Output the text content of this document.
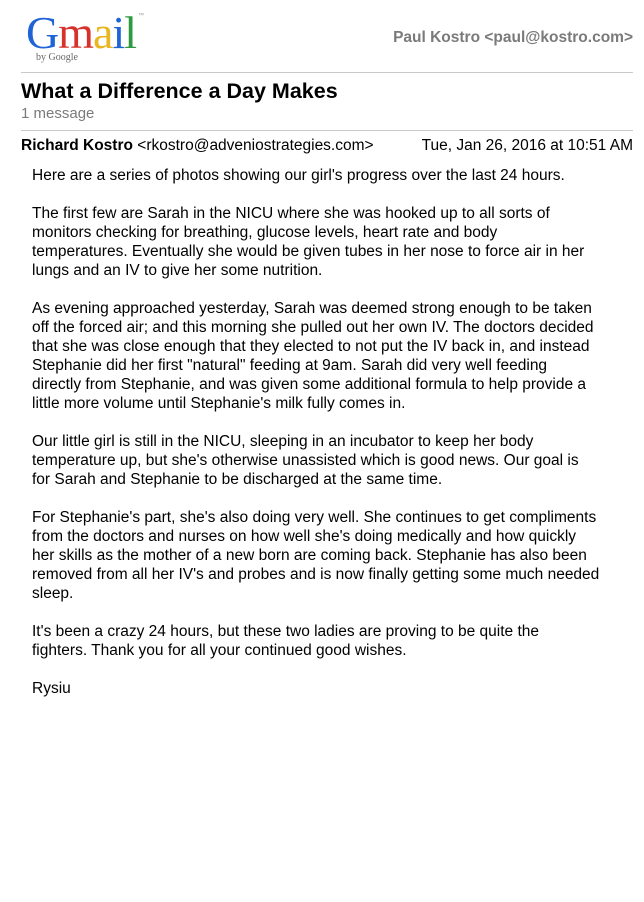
Gmail ™
by Google
Paul Kostro <paul@kostro.com>
What a Difference a Day Makes
1 message
Richard Kostro <rkostro@adveniostrategies.com>	Tue, Jan 26, 2016 at 10:51 AM

Here are a series of photos showing our girl's progress over the last 24 hours.

The first few are Sarah in the NICU where she was hooked up to all sorts of
monitors checking for breathing, glucose levels, heart rate and body
temperatures. Eventually she would be given tubes in her nose to force air in her
lungs and an IV to give her some nutrition.

As evening approached yesterday, Sarah was deemed strong enough to be taken
off the forced air; and this morning she pulled out her own IV. The doctors decided
that she was close enough that they elected to not put the IV back in, and instead
Stephanie did her first "natural" feeding at 9am. Sarah did very well feeding
directly from Stephanie, and was given some additional formula to help provide a
little more volume until Stephanie's milk fully comes in.

Our little girl is still in the NICU, sleeping in an incubator to keep her body
temperature up, but she's otherwise unassisted which is good news. Our goal is
for Sarah and Stephanie to be discharged at the same time.

For Stephanie's part, she's also doing very well. She continues to get compliments
from the doctors and nurses on how well she's doing medically and how quickly
her skills as the mother of a new born are coming back. Stephanie has also been
removed from all her IV's and probes and is now finally getting some much needed
sleep.

It's been a crazy 24 hours, but these two ladies are proving to be quite the
fighters. Thank you for all your continued good wishes.

Rysiu
